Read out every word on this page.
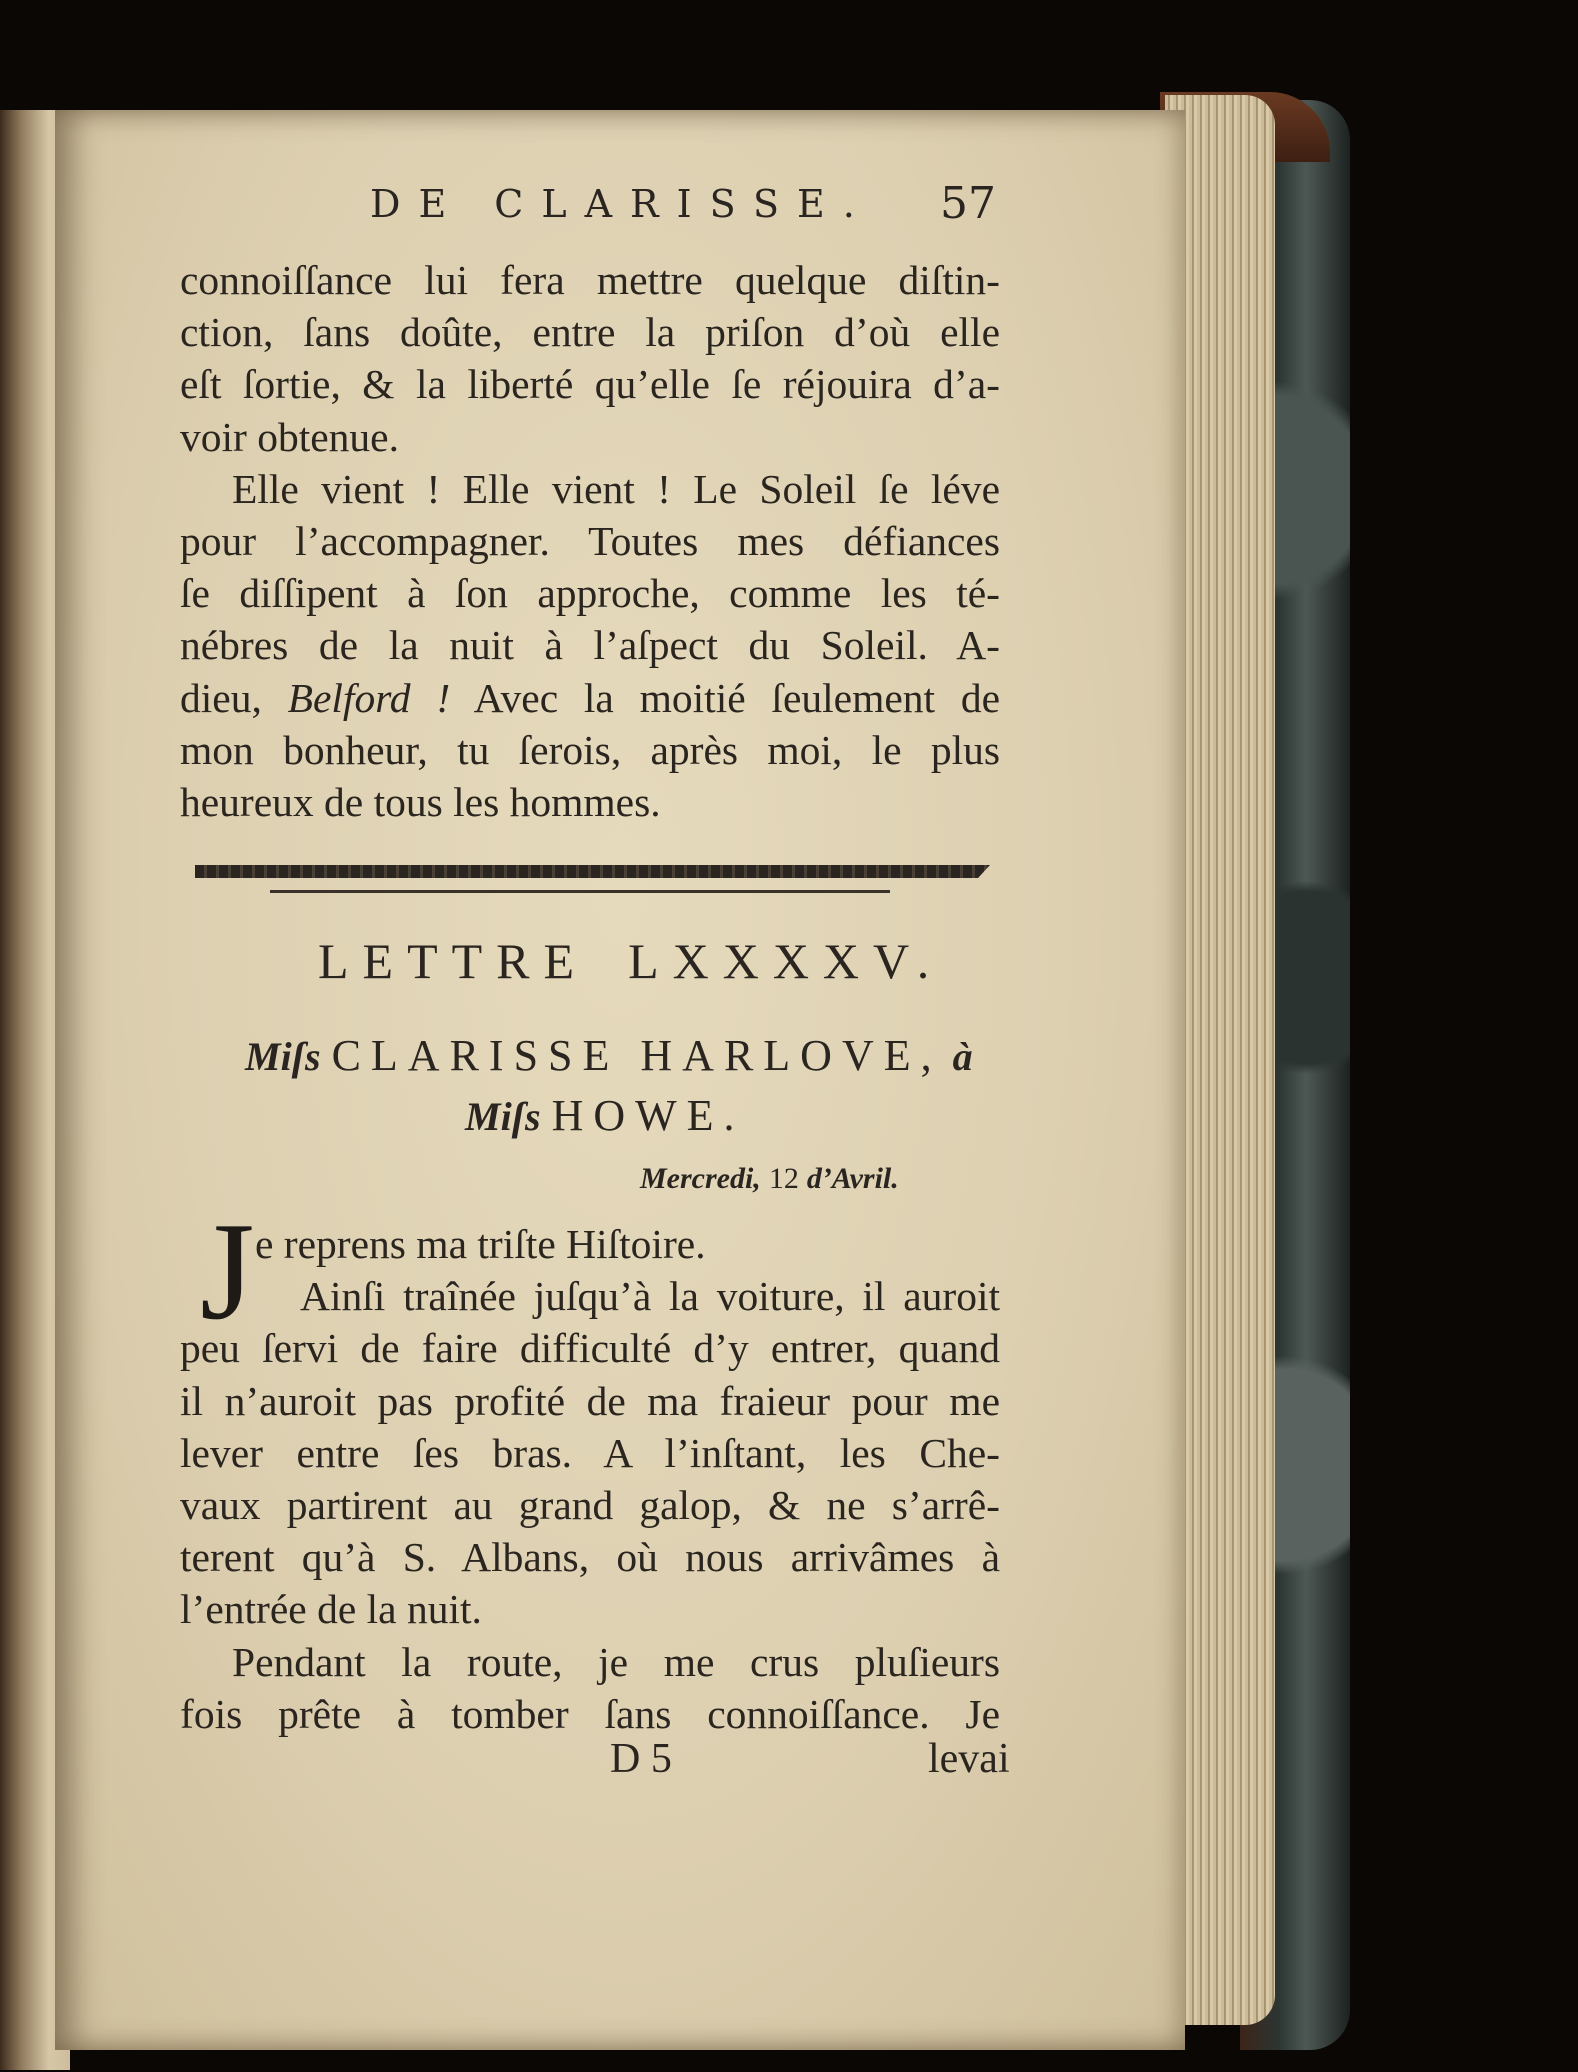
DE CLARISSE. 57
connoiſſance lui fera mettre quelque diſtin-
ction, ſans doûte, entre la priſon d’où elle
eſt ſortie, & la liberté qu’elle ſe réjouira d’a-
voir obtenue.
Elle vient ! Elle vient ! Le Soleil ſe léve
pour l’accompagner. Toutes mes défiances
ſe diſſipent à ſon approche, comme les té-
nébres de la nuit à l’aſpect du Soleil. A-
dieu, Belford ! Avec la moitié ſeulement de
mon bonheur, tu ſerois, après moi, le plus
heureux de tous les hommes.
LETTRE LXXXXV.
Miſs CLARISSE HARLOVE, à
Miſs HOWE.
Mercredi, 12 d’Avril.
J e reprens ma triſte Hiſtoire.
Ainſi traînée juſqu’à la voiture, il auroit
peu ſervi de faire difficulté d’y entrer, quand
il n’auroit pas profité de ma fraieur pour me
lever entre ſes bras. A l’inſtant, les Che-
vaux partirent au grand galop, & ne s’arrê-
terent qu’à S. Albans, où nous arrivâmes à
l’entrée de la nuit.
Pendant la route, je me crus pluſieurs
fois prête à tomber ſans connoiſſance. Je
D 5	levai
